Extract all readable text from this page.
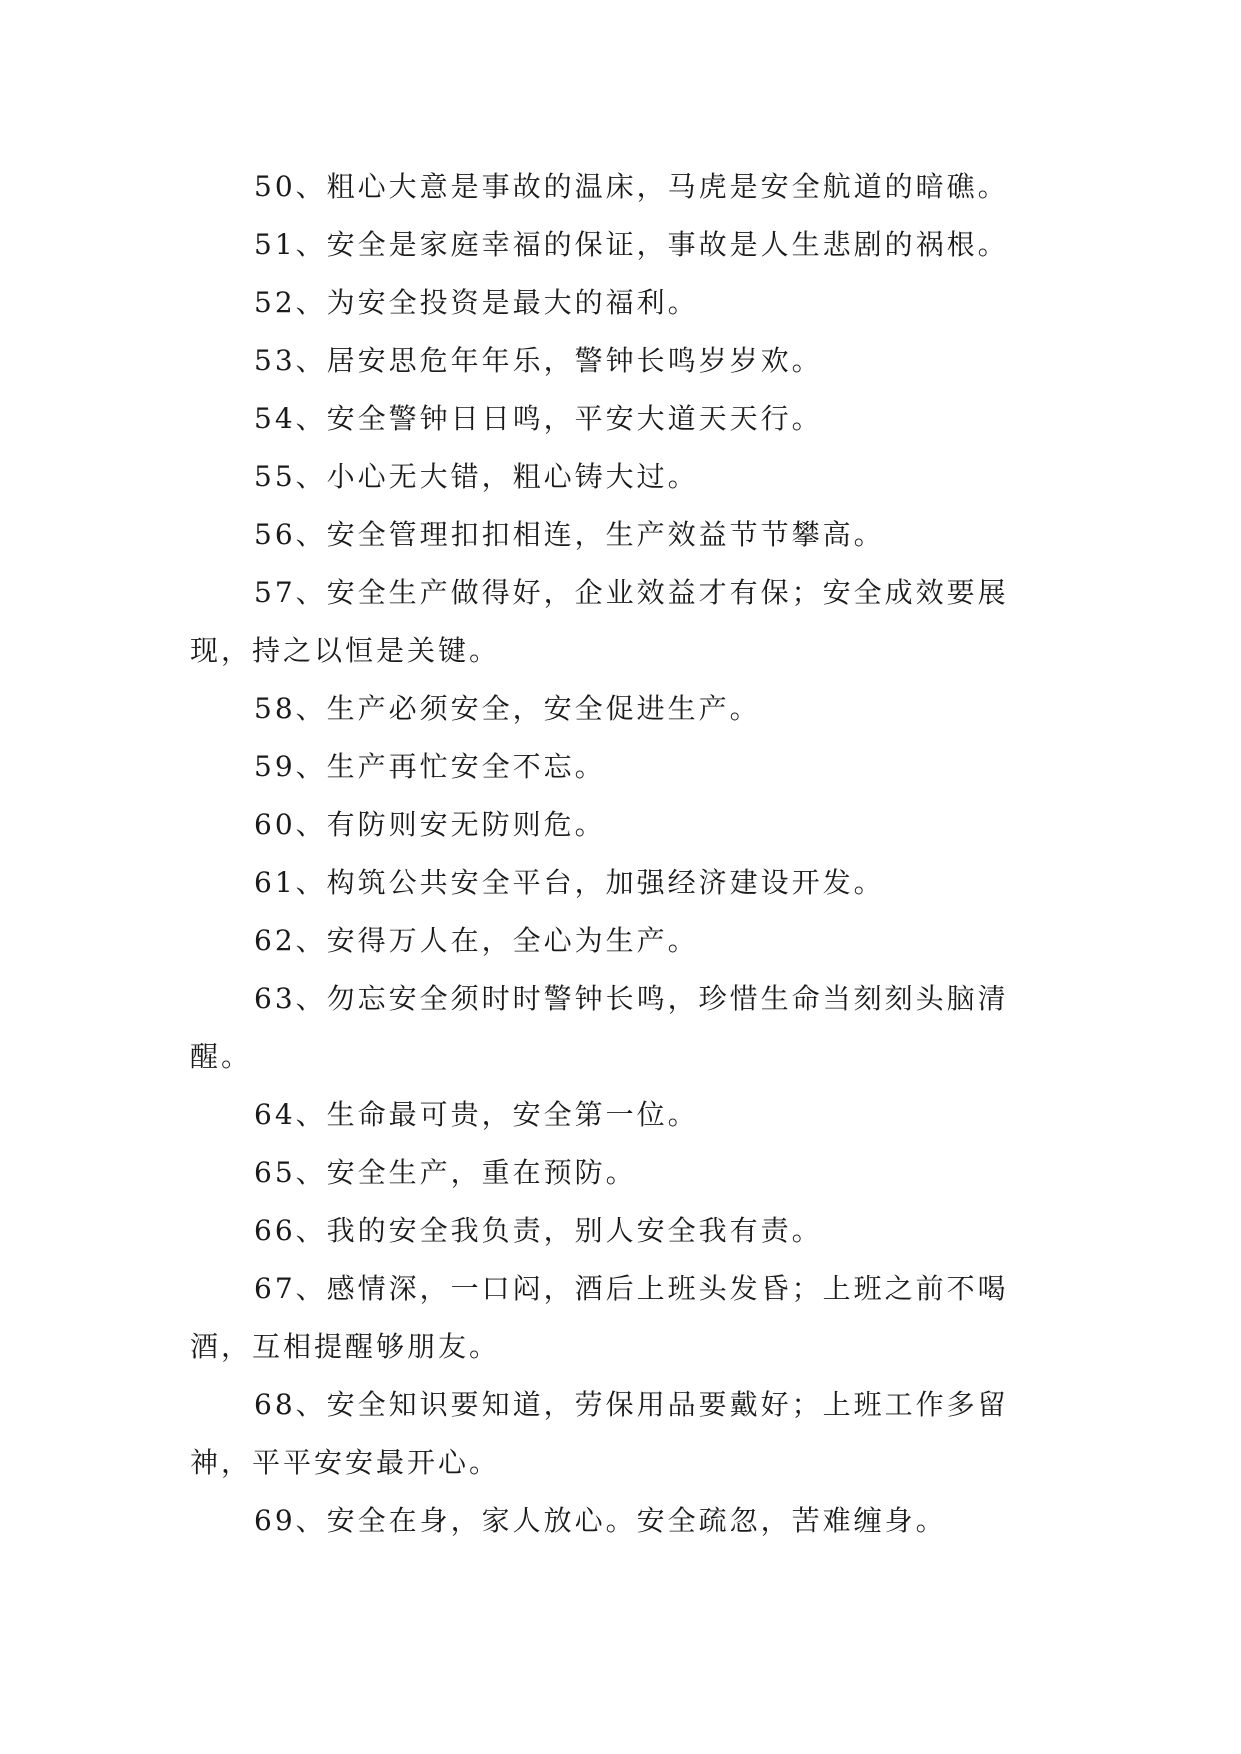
50、粗心大意是事故的温床，马虎是安全航道的暗礁。

51、安全是家庭幸福的保证，事故是人生悲剧的祸根。

52、为安全投资是最大的福利。

53、居安思危年年乐，警钟长鸣岁岁欢。

54、安全警钟日日鸣，平安大道天天行。

55、小心无大错，粗心铸大过。

56、安全管理扣扣相连，生产效益节节攀高。

57、安全生产做得好，企业效益才有保；安全成效要展现，持之以恒是关键。

58、生产必须安全，安全促进生产。

59、生产再忙安全不忘。

60、有防则安无防则危。

61、构筑公共安全平台，加强经济建设开发。

62、安得万人在，全心为生产。

63、勿忘安全须时时警钟长鸣，珍惜生命当刻刻头脑清醒。

64、生命最可贵，安全第一位。

65、安全生产，重在预防。

66、我的安全我负责，别人安全我有责。

67、感情深，一口闷，酒后上班头发昏；上班之前不喝酒，互相提醒够朋友。

68、安全知识要知道，劳保用品要戴好；上班工作多留神，平平安安最开心。

69、安全在身，家人放心。安全疏忽，苦难缠身。
